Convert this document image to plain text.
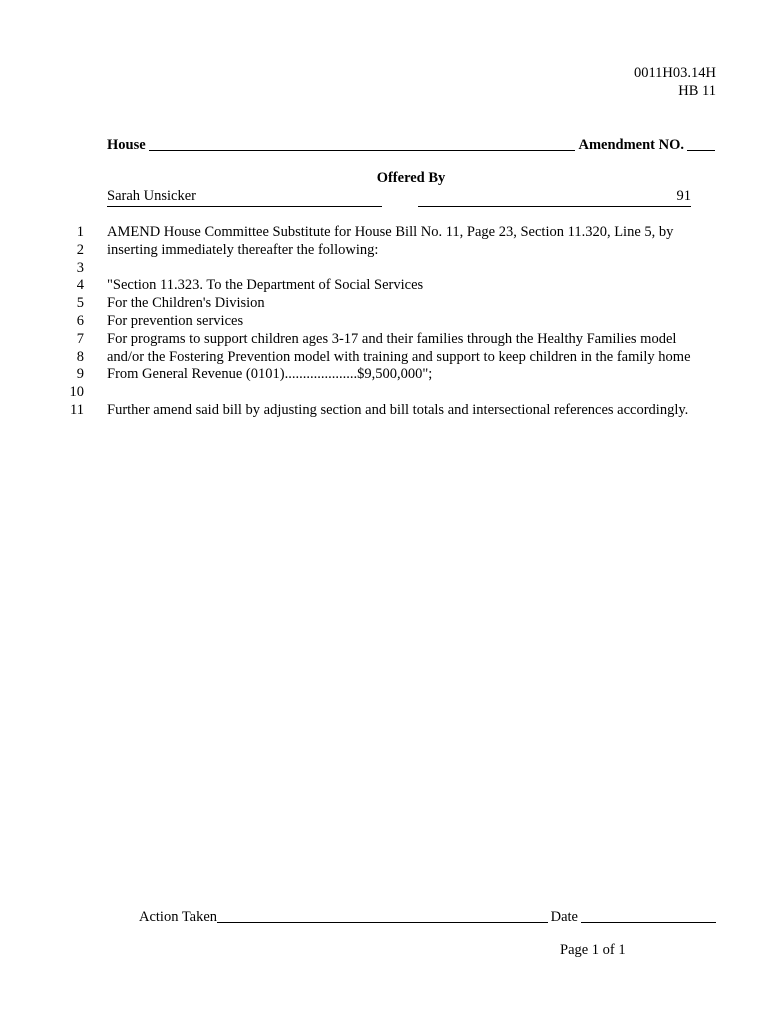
0011H03.14H
HB 11
House	Amendment NO.
Offered By
Sarah Unsicker	91
1 AMEND House Committee Substitute for House Bill No. 11, Page 23, Section 11.320, Line 5, by
2 inserting immediately thereafter the following:
3
4 "Section 11.323. To the Department of Social Services
5 For the Children's Division
6 For prevention services
7 For programs to support children ages 3-17 and their families through the Healthy Families model
8 and/or the Fostering Prevention model with training and support to keep children in the family home
9 From General Revenue (0101)....................$9,500,000";
10
11 Further amend said bill by adjusting section and bill totals and intersectional references accordingly.
Action Taken	Date
Page 1 of 1
